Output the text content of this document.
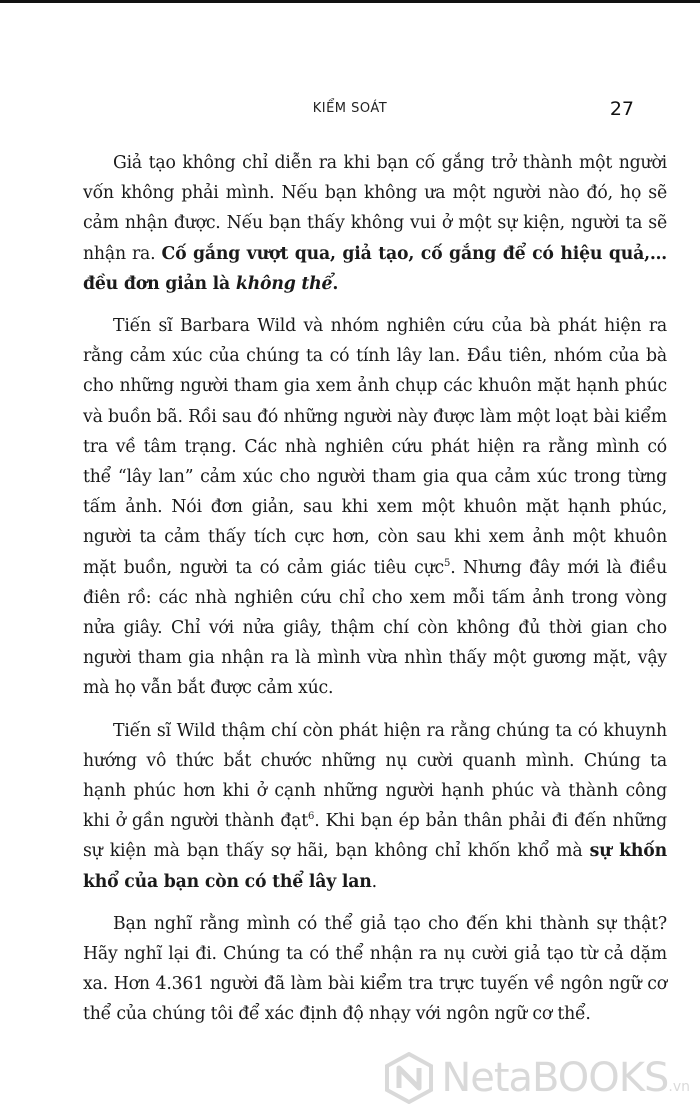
KIỂM SOÁT	27

Giả tạo không chỉ diễn ra khi bạn cố gắng trở thành một người vốn không phải mình. Nếu bạn không ưa một người nào đó, họ sẽ cảm nhận được. Nếu bạn thấy không vui ở một sự kiện, người ta sẽ nhận ra. Cố gắng vượt qua, giả tạo, cố gắng để có hiệu quả,… đều đơn giản là không thể.

Tiến sĩ Barbara Wild và nhóm nghiên cứu của bà phát hiện ra rằng cảm xúc của chúng ta có tính lây lan. Đầu tiên, nhóm của bà cho những người tham gia xem ảnh chụp các khuôn mặt hạnh phúc và buồn bã. Rồi sau đó những người này được làm một loạt bài kiểm tra về tâm trạng. Các nhà nghiên cứu phát hiện ra rằng mình có thể “lây lan” cảm xúc cho người tham gia qua cảm xúc trong từng tấm ảnh. Nói đơn giản, sau khi xem một khuôn mặt hạnh phúc, người ta cảm thấy tích cực hơn, còn sau khi xem ảnh một khuôn mặt buồn, người ta có cảm giác tiêu cực$^5$. Nhưng đây mới là điều điên rồ: các nhà nghiên cứu chỉ cho xem mỗi tấm ảnh trong vòng nửa giây. Chỉ với nửa giây, thậm chí còn không đủ thời gian cho người tham gia nhận ra là mình vừa nhìn thấy một gương mặt, vậy mà họ vẫn bắt được cảm xúc.

Tiến sĩ Wild thậm chí còn phát hiện ra rằng chúng ta có khuynh hướng vô thức bắt chước những nụ cười quanh mình. Chúng ta hạnh phúc hơn khi ở cạnh những người hạnh phúc và thành công khi ở gần người thành đạt$^6$. Khi bạn ép bản thân phải đi đến những sự kiện mà bạn thấy sợ hãi, bạn không chỉ khốn khổ mà sự khốn khổ của bạn còn có thể lây lan.

Bạn nghĩ rằng mình có thể giả tạo cho đến khi thành sự thật? Hãy nghĩ lại đi. Chúng ta có thể nhận ra nụ cười giả tạo từ cả dặm xa. Hơn 4.361 người đã làm bài kiểm tra trực tuyến về ngôn ngữ cơ thể của chúng tôi để xác định độ nhạy với ngôn ngữ cơ thể.

NetaBOOKS.vn
